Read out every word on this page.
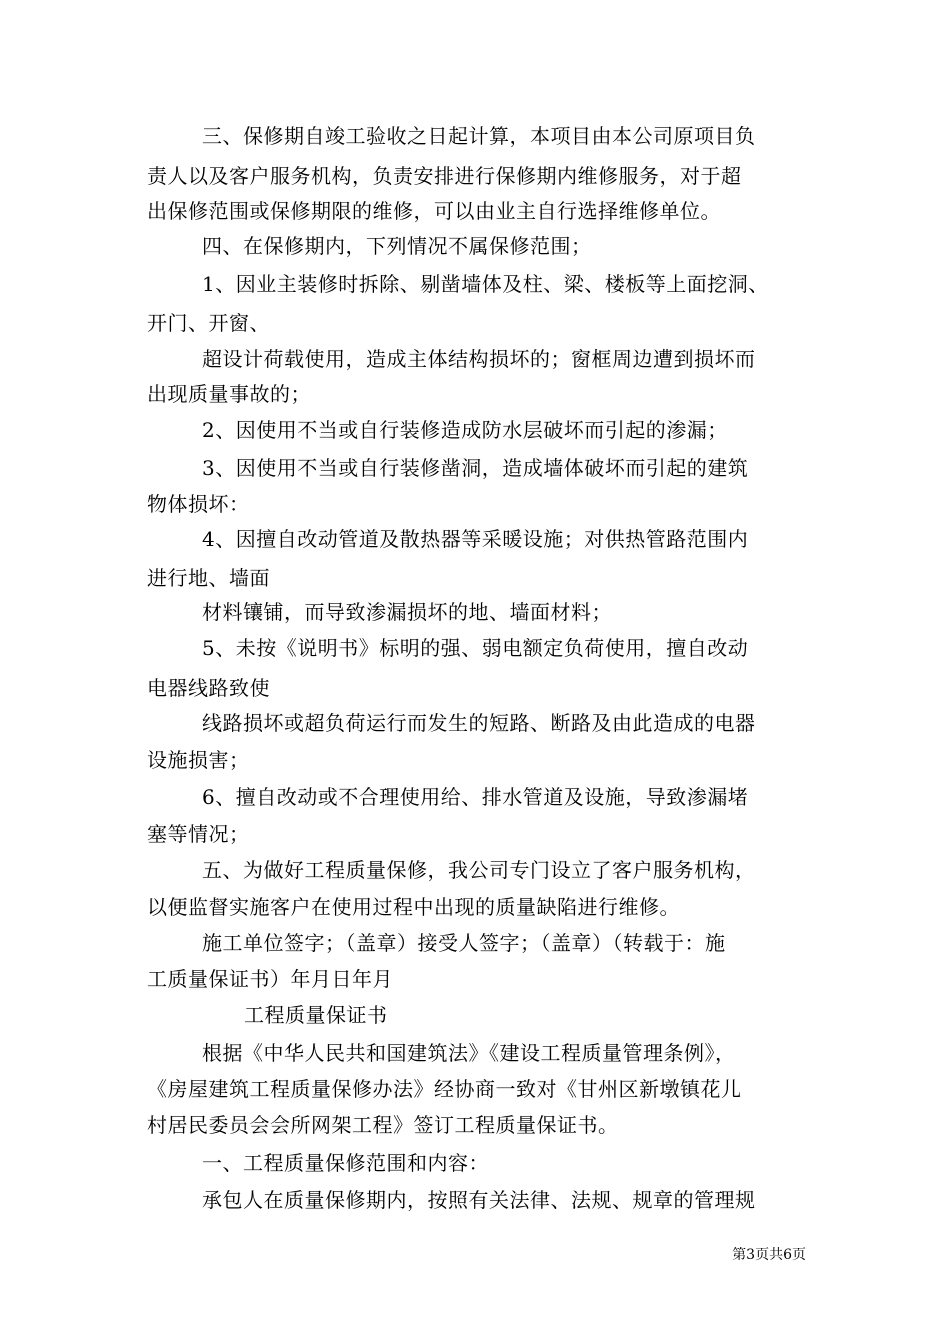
三、保修期自竣工验收之日起计算，本项目由本公司原项目负
责人以及客户服务机构，负责安排进行保修期内维修服务，对于超
出保修范围或保修期限的维修，可以由业主自行选择维修单位。
四、在保修期内，下列情况不属保修范围；
1、因业主装修时拆除、剔凿墙体及柱、梁、楼板等上面挖洞、
开门、开窗、
超设计荷载使用，造成主体结构损坏的；窗框周边遭到损坏而
出现质量事故的；
2、因使用不当或自行装修造成防水层破坏而引起的渗漏；
3、因使用不当或自行装修凿洞，造成墙体破坏而引起的建筑
物体损坏：
4、因擅自改动管道及散热器等采暖设施；对供热管路范围内
进行地、墙面
材料镶铺，而导致渗漏损坏的地、墙面材料；
5、未按《说明书》标明的强、弱电额定负荷使用，擅自改动
电器线路致使
线路损坏或超负荷运行而发生的短路、断路及由此造成的电器
设施损害；
6、擅自改动或不合理使用给、排水管道及设施，导致渗漏堵
塞等情况；
五、为做好工程质量保修，我公司专门设立了客户服务机构，
以便监督实施客户在使用过程中出现的质量缺陷进行维修。
施工单位签字；（盖章）接受人签字；（盖章）（转载于：施
工质量保证书）年月日年月
工程质量保证书
根据《中华人民共和国建筑法》《建设工程质量管理条例》，
《房屋建筑工程质量保修办法》经协商一致对《甘州区新墩镇花儿
村居民委员会会所网架工程》签订工程质量保证书。
一、工程质量保修范围和内容：
承包人在质量保修期内，按照有关法律、法规、规章的管理规
第3页共6页
